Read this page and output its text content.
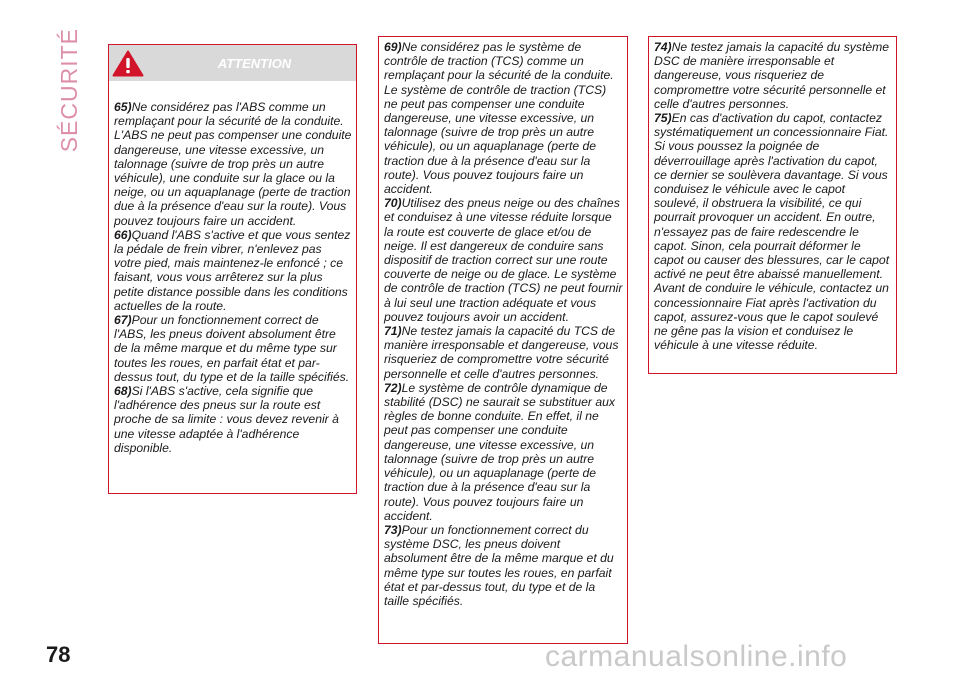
SÉCURITÉ	ATTENTION

65)Ne considérez pas l'ABS comme un remplaçant pour la sécurité de la conduite. L'ABS ne peut pas compenser une conduite dangereuse, une vitesse excessive, un talonnage (suivre de trop près un autre véhicule), une conduite sur la glace ou la neige, ou un aquaplanage (perte de traction due à la présence d'eau sur la route). Vous pouvez toujours faire un accident.

66)Quand l'ABS s'active et que vous sentez la pédale de frein vibrer, n'enlevez pas votre pied, mais maintenez-le enfoncé ; ce faisant, vous vous arrêterez sur la plus petite distance possible dans les conditions actuelles de la route.

67)Pour un fonctionnement correct de l'ABS, les pneus doivent absolument être de la même marque et du même type sur toutes les roues, en parfait état et par-dessus tout, du type et de la taille spécifiés.

68)Si l'ABS s'active, cela signifie que l'adhérence des pneus sur la route est proche de sa limite : vous devez revenir à une vitesse adaptée à l'adhérence disponible.

69)Ne considérez pas le système de contrôle de traction (TCS) comme un remplaçant pour la sécurité de la conduite. Le système de contrôle de traction (TCS) ne peut pas compenser une conduite dangereuse, une vitesse excessive, un talonnage (suivre de trop près un autre véhicule), ou un aquaplanage (perte de traction due à la présence d'eau sur la route). Vous pouvez toujours faire un accident.

70)Utilisez des pneus neige ou des chaînes et conduisez à une vitesse réduite lorsque la route est couverte de glace et/ou de neige. Il est dangereux de conduire sans dispositif de traction correct sur une route couverte de neige ou de glace. Le système de contrôle de traction (TCS) ne peut fournir à lui seul une traction adéquate et vous pouvez toujours avoir un accident.

71)Ne testez jamais la capacité du TCS de manière irresponsable et dangereuse, vous risqueriez de compromettre votre sécurité personnelle et celle d'autres personnes.

72)Le système de contrôle dynamique de stabilité (DSC) ne saurait se substituer aux règles de bonne conduite. En effet, il ne peut pas compenser une conduite dangereuse, une vitesse excessive, un talonnage (suivre de trop près un autre véhicule), ou un aquaplanage (perte de traction due à la présence d'eau sur la route). Vous pouvez toujours faire un accident.

73)Pour un fonctionnement correct du système DSC, les pneus doivent absolument être de la même marque et du même type sur toutes les roues, en parfait état et par-dessus tout, du type et de la taille spécifiés.

74)Ne testez jamais la capacité du système DSC de manière irresponsable et dangereuse, vous risqueriez de compromettre votre sécurité personnelle et celle d'autres personnes.

75)En cas d'activation du capot, contactez systématiquement un concessionnaire Fiat. Si vous poussez la poignée de déverrouillage après l'activation du capot, ce dernier se soulèvera davantage. Si vous conduisez le véhicule avec le capot soulevé, il obstruera la visibilité, ce qui pourrait provoquer un accident. En outre, n'essayez pas de faire redescendre le capot. Sinon, cela pourrait déformer le capot ou causer des blessures, car le capot activé ne peut être abaissé manuellement. Avant de conduire le véhicule, contactez un concessionnaire Fiat après l'activation du capot, assurez-vous que le capot soulevé ne gêne pas la vision et conduisez le véhicule à une vitesse réduite.

78	carmanualsonline.info
